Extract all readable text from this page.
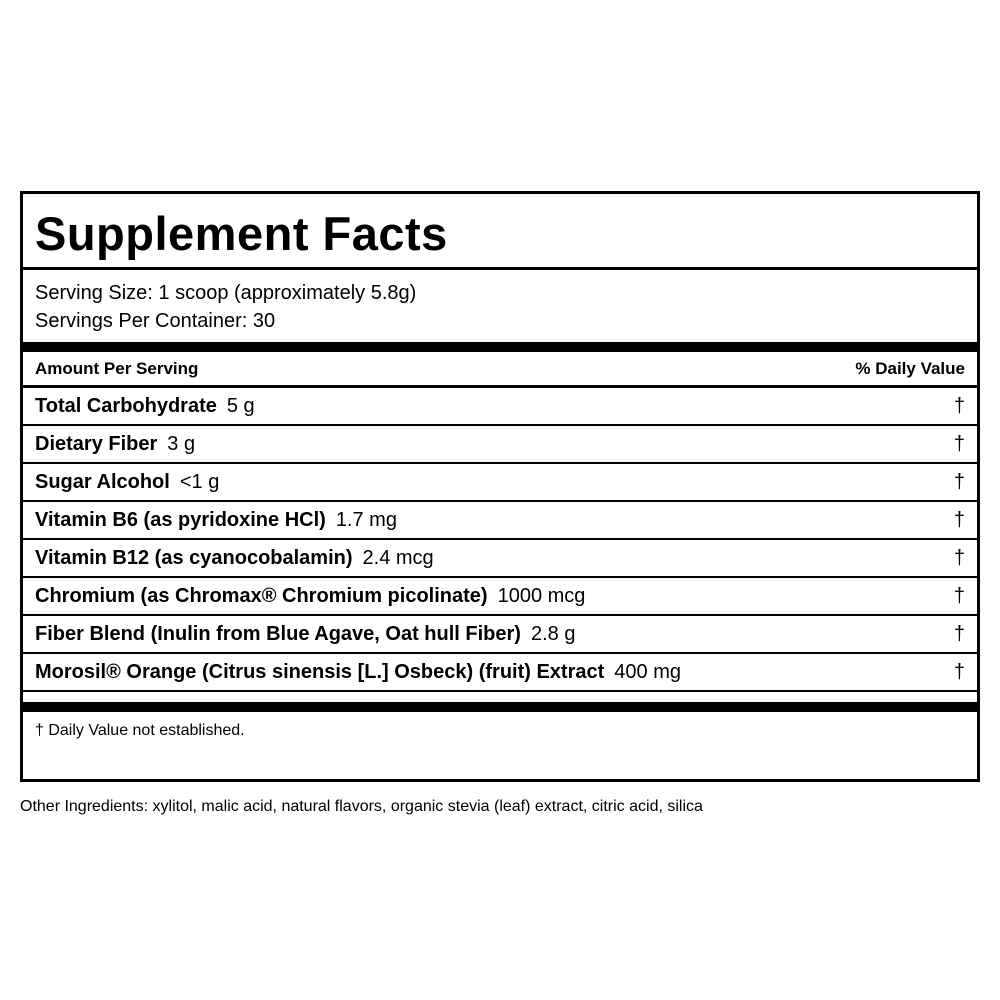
Supplement Facts
Serving Size: 1 scoop (approximately 5.8g)
Servings Per Container: 30
Amount Per Serving	% Daily Value
Total Carbohydrate 5 g	†
Dietary Fiber 3 g	†
Sugar Alcohol <1 g	†
Vitamin B6 (as pyridoxine HCl) 1.7 mg	†
Vitamin B12 (as cyanocobalamin) 2.4 mcg	†
Chromium (as Chromax® Chromium picolinate) 1000 mcg	†
Fiber Blend (Inulin from Blue Agave, Oat hull Fiber) 2.8 g	†
Morosil® Orange (Citrus sinensis [L.] Osbeck) (fruit) Extract 400 mg	†
† Daily Value not established.
Other Ingredients: xylitol, malic acid, natural flavors, organic stevia (leaf) extract, citric acid, silica
